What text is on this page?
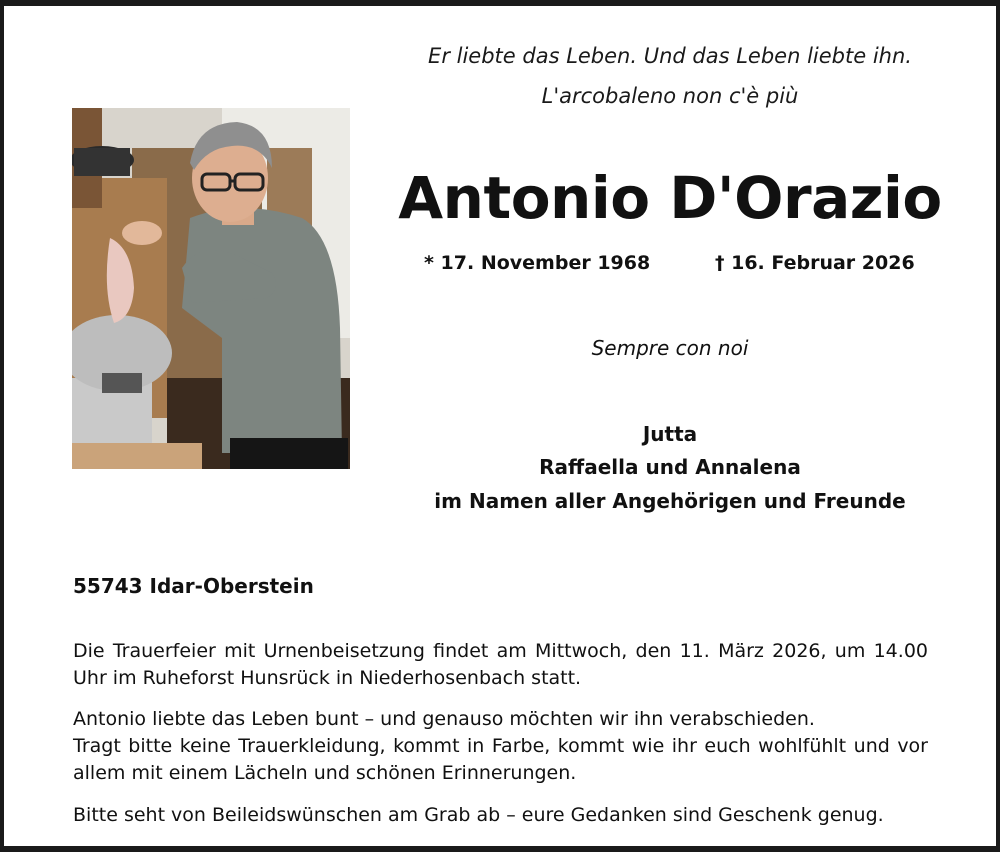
Er liebte das Leben. Und das Leben liebte ihn.
L'arcobaleno non c'è più
Antonio D'Orazio
* 17. November 1968	† 16. Februar 2026
Sempre con noi
Jutta
Raffaella und Annalena
im Namen aller Angehörigen und Freunde
55743 Idar-Oberstein
Die Trauerfeier mit Urnenbeisetzung findet am Mittwoch, den 11. März 2026, um 14.00 Uhr im Ruheforst Hunsrück in Niederhosenbach statt.
Antonio liebte das Leben bunt – und genauso möchten wir ihn verabschieden.
Tragt bitte keine Trauerkleidung, kommt in Farbe, kommt wie ihr euch wohlfühlt und vor allem mit einem Lächeln und schönen Erinnerungen.
Bitte seht von Beileidswünschen am Grab ab – eure Gedanken sind Geschenk genug.
